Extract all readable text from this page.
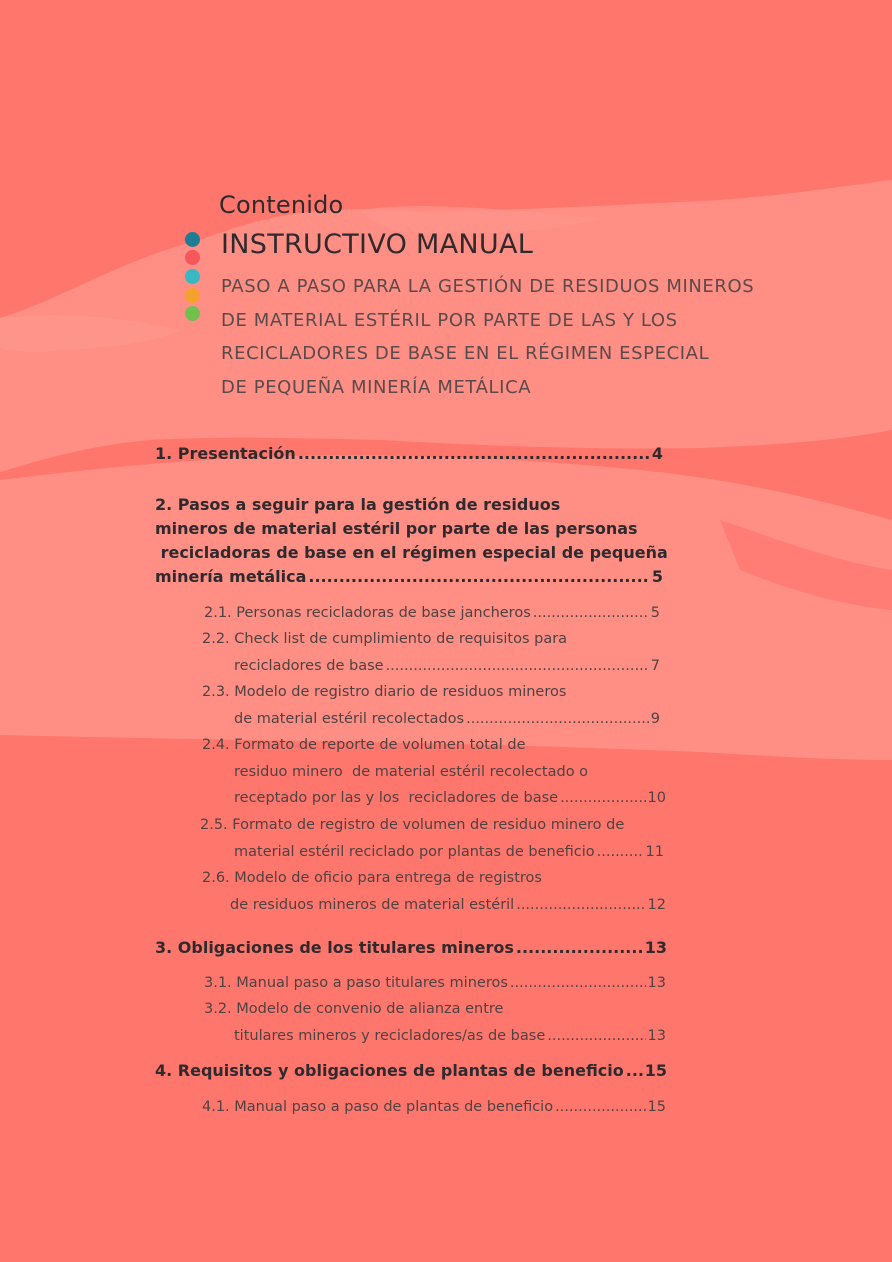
Contenido
INSTRUCTIVO MANUAL
PASO A PASO PARA LA GESTIÓN DE RESIDUOS MINEROS
DE MATERIAL ESTÉRIL POR PARTE DE LAS Y LOS
RECICLADORES DE BASE EN EL RÉGIMEN ESPECIAL
DE PEQUEÑA MINERÍA METÁLICA
1. Presentación .....	4
2. Pasos a seguir para la gestión de residuos
mineros de material estéril por parte de las personas
recicladoras de base en el régimen especial de pequeña
minería metálica .....	5
2.1. Personas recicladoras de base jancheros .....	5
2.2. Check list de cumplimiento de requisitos para
recicladores de base .....	7
2.3. Modelo de registro diario de residuos mineros
de material estéril recolectados .....	9
2.4. Formato de reporte de volumen total de
residuo minero  de material estéril recolectado o
receptado por las y los  recicladores de base .....	10
2.5. Formato de registro de volumen de residuo minero de
material estéril reciclado por plantas de beneficio .....	11
2.6. Modelo de oficio para entrega de registros
de residuos mineros de material estéril .....	12
3. Obligaciones de los titulares mineros .....	13
3.1. Manual paso a paso titulares mineros .....	13
3.2. Modelo de convenio de alianza entre
titulares mineros y recicladores/as de base .....	13
4. Requisitos y obligaciones de plantas de beneficio ..... 15
4.1. Manual paso a paso de plantas de beneficio .....	15
